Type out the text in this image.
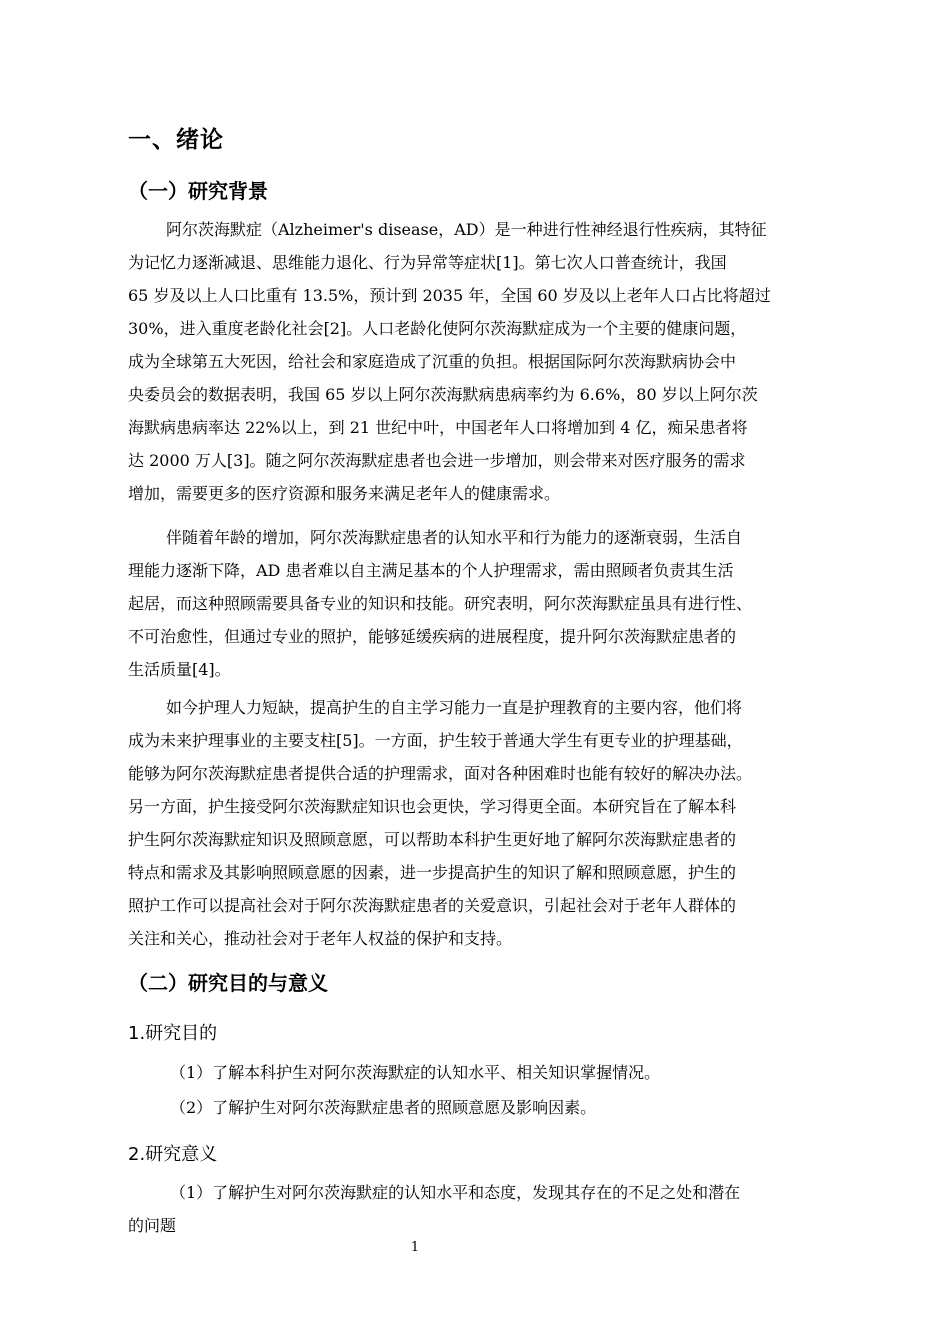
一、绪论
（一）研究背景
阿尔茨海默症（Alzheimer's disease，AD）是一种进行性神经退行性疾病，其特征
为记忆力逐渐减退、思维能力退化、行为异常等症状[1]。第七次人口普查统计，我国
65 岁及以上人口比重有 13.5%，预计到 2035 年，全国 60 岁及以上老年人口占比将超过
30%，进入重度老龄化社会[2]。人口老龄化使阿尔茨海默症成为一个主要的健康问题，
成为全球第五大死因，给社会和家庭造成了沉重的负担。根据国际阿尔茨海默病协会中
央委员会的数据表明，我国 65 岁以上阿尔茨海默病患病率约为 6.6%，80 岁以上阿尔茨
海默病患病率达 22%以上，到 21 世纪中叶，中国老年人口将增加到 4 亿，痴呆患者将
达 2000 万人[3]。随之阿尔茨海默症患者也会进一步增加，则会带来对医疗服务的需求
增加，需要更多的医疗资源和服务来满足老年人的健康需求。
伴随着年龄的增加，阿尔茨海默症患者的认知水平和行为能力的逐渐衰弱，生活自
理能力逐渐下降，AD 患者难以自主满足基本的个人护理需求，需由照顾者负责其生活
起居，而这种照顾需要具备专业的知识和技能。研究表明，阿尔茨海默症虽具有进行性、
不可治愈性，但通过专业的照护，能够延缓疾病的进展程度，提升阿尔茨海默症患者的
生活质量[4]。
如今护理人力短缺，提高护生的自主学习能力一直是护理教育的主要内容，他们将
成为未来护理事业的主要支柱[5]。一方面，护生较于普通大学生有更专业的护理基础，
能够为阿尔茨海默症患者提供合适的护理需求，面对各种困难时也能有较好的解决办法。
另一方面，护生接受阿尔茨海默症知识也会更快，学习得更全面。本研究旨在了解本科
护生阿尔茨海默症知识及照顾意愿，可以帮助本科护生更好地了解阿尔茨海默症患者的
特点和需求及其影响照顾意愿的因素，进一步提高护生的知识了解和照顾意愿，护生的
照护工作可以提高社会对于阿尔茨海默症患者的关爱意识，引起社会对于老年人群体的
关注和关心，推动社会对于老年人权益的保护和支持。
（二）研究目的与意义
1.研究目的
（1）了解本科护生对阿尔茨海默症的认知水平、相关知识掌握情况。
（2）了解护生对阿尔茨海默症患者的照顾意愿及影响因素。
2.研究意义
（1）了解护生对阿尔茨海默症的认知水平和态度，发现其存在的不足之处和潜在
的问题
1
